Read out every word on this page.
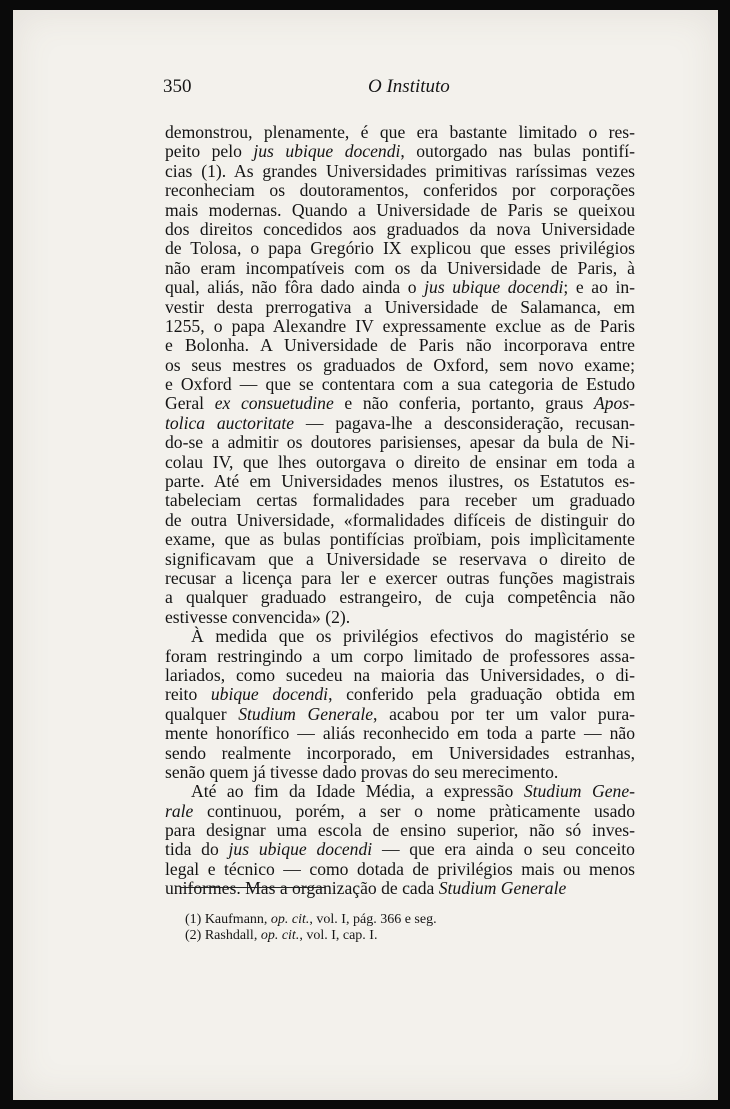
350	O Instituto
demonstrou, plenamente, é que era bastante limitado o res-
peito pelo jus ubique docendi, outorgado nas bulas pontifí-
cias (1). As grandes Universidades primitivas raríssimas vezes
reconheciam os doutoramentos, conferidos por corporações
mais modernas. Quando a Universidade de Paris se queixou
dos direitos concedidos aos graduados da nova Universidade
de Tolosa, o papa Gregório IX explicou que esses privilégios
não eram incompatíveis com os da Universidade de Paris, à
qual, aliás, não fôra dado ainda o jus ubique docendi; e ao in-
vestir desta prerrogativa a Universidade de Salamanca, em
1255, o papa Alexandre IV expressamente exclue as de Paris
e Bolonha. A Universidade de Paris não incorporava entre
os seus mestres os graduados de Oxford, sem novo exame;
e Oxford — que se contentara com a sua categoria de Estudo
Geral ex consuetudine e não conferia, portanto, graus Apos-
tolica auctoritate — pagava-lhe a desconsideração, recusan-
do-se a admitir os doutores parisienses, apesar da bula de Ni-
colau IV, que lhes outorgava o direito de ensinar em toda a
parte. Até em Universidades menos ilustres, os Estatutos es-
tabeleciam certas formalidades para receber um graduado
de outra Universidade, «formalidades difíceis de distinguir do
exame, que as bulas pontifícias proïbiam, pois implìcitamente
significavam que a Universidade se reservava o direito de
recusar a licença para ler e exercer outras funções magistrais
a qualquer graduado estrangeiro, de cuja competência não
estivesse convencida» (2).
À medida que os privilégios efectivos do magistério se
foram restringindo a um corpo limitado de professores assa-
lariados, como sucedeu na maioria das Universidades, o di-
reito ubique docendi, conferido pela graduação obtida em
qualquer Studium Generale, acabou por ter um valor pura-
mente honorífico — aliás reconhecido em toda a parte — não
sendo realmente incorporado, em Universidades estranhas,
senão quem já tivesse dado provas do seu merecimento.
Até ao fim da Idade Média, a expressão Studium Gene-
rale continuou, porém, a ser o nome pràticamente usado
para designar uma escola de ensino superior, não só inves-
tida do jus ubique docendi — que era ainda o seu conceito
legal e técnico — como dotada de privilégios mais ou menos
uniformes. Mas a organização de cada Studium Generale
(1) Kaufmann, op. cit., vol. I, pág. 366 e seg.
(2) Rashdall, op. cit., vol. I, cap. I.
